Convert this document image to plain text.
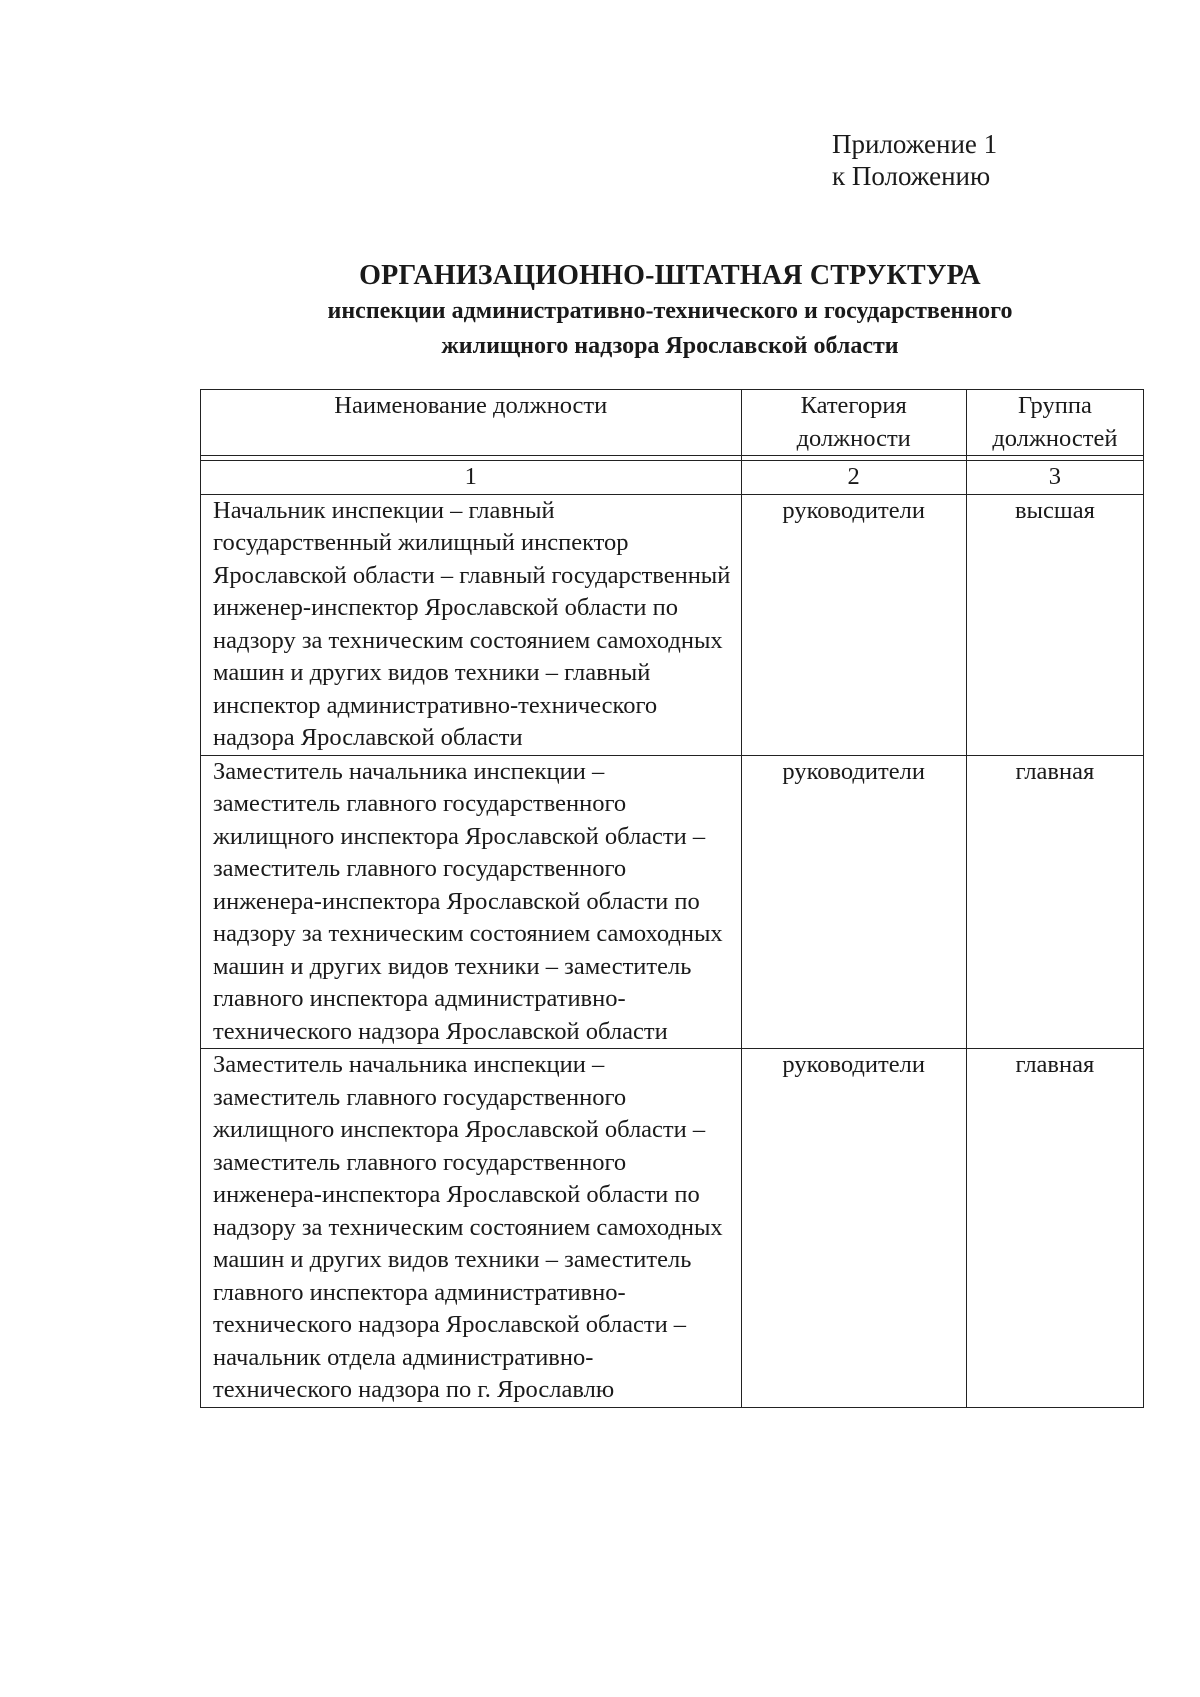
Приложение 1
к Положению
ОРГАНИЗАЦИОННО-ШТАТНАЯ СТРУКТУРА
инспекции административно-технического и государственного
жилищного надзора Ярославской области
Наименование должности	Категория должности	Группа должностей

1	2	3
Начальник инспекции – главный государственный жилищный инспектор Ярославской области – главный государственный инженер-инспектор Ярославской области по надзору за техническим состоянием самоходных машин и других видов техники – главный инспектор административно-технического надзора Ярославской области	руководители	высшая
Заместитель начальника инспекции – заместитель главного государственного жилищного инспектора Ярославской области – заместитель главного государственного инженера-инспектора Ярославской области по надзору за техническим состоянием самоходных машин и других видов техники – заместитель главного инспектора административно-технического надзора Ярославской области	руководители	главная
Заместитель начальника инспекции – заместитель главного государственного жилищного инспектора Ярославской области – заместитель главного государственного инженера-инспектора Ярославской области по надзору за техническим состоянием самоходных машин и других видов техники – заместитель главного инспектора административно-технического надзора Ярославской области – начальник отдела административно-технического надзора по г. Ярославлю	руководители	главная
